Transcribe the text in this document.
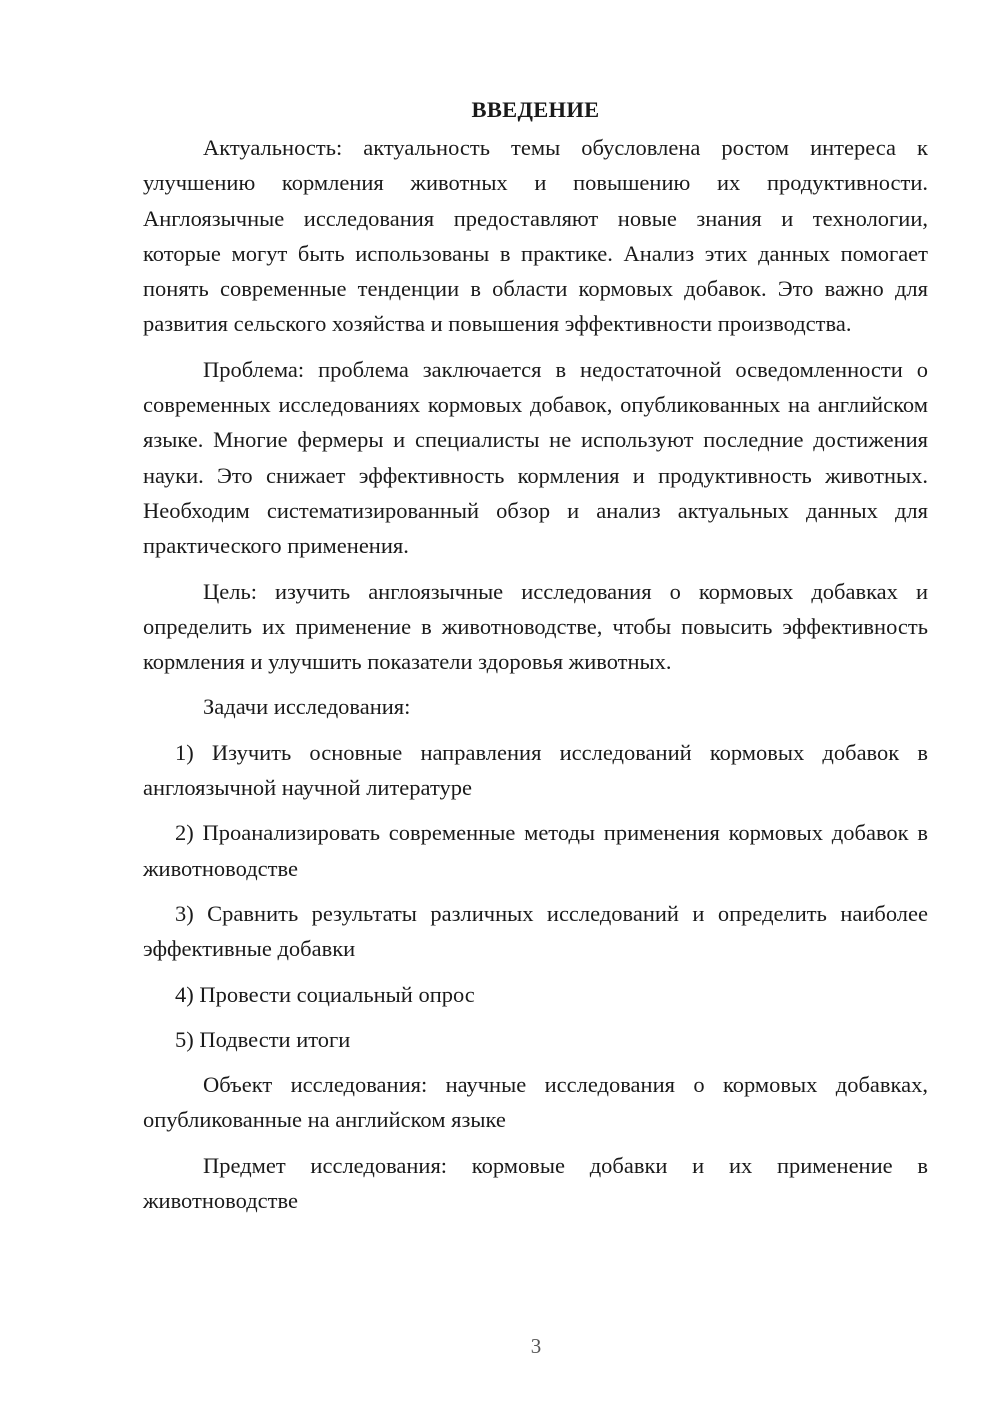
ВВЕДЕНИЕ

Актуальность: актуальность темы обусловлена ростом интереса к улучшению кормления животных и повышению их продуктивности. Англоязычные исследования предоставляют новые знания и технологии, которые могут быть использованы в практике. Анализ этих данных помогает понять современные тенденции в области кормовых добавок. Это важно для развития сельского хозяйства и повышения эффективности производства.

Проблема: проблема заключается в недостаточной осведомленности о современных исследованиях кормовых добавок, опубликованных на английском языке. Многие фермеры и специалисты не используют последние достижения науки. Это снижает эффективность кормления и продуктивность животных. Необходим систематизированный обзор и анализ актуальных данных для практического применения.

Цель: изучить англоязычные исследования о кормовых добавках и определить их применение в животноводстве, чтобы повысить эффективность кормления и улучшить показатели здоровья животных.

Задачи исследования:

1) Изучить основные направления исследований кормовых добавок в англоязычной научной литературе

2) Проанализировать современные методы применения кормовых добавок в животноводстве

3) Сравнить результаты различных исследований и определить наиболее эффективные добавки

4) Провести социальный опрос

5) Подвести итоги

Объект исследования: научные исследования о кормовых добавках, опубликованные на английском языке

Предмет исследования: кормовые добавки и их применение в животноводстве

3
